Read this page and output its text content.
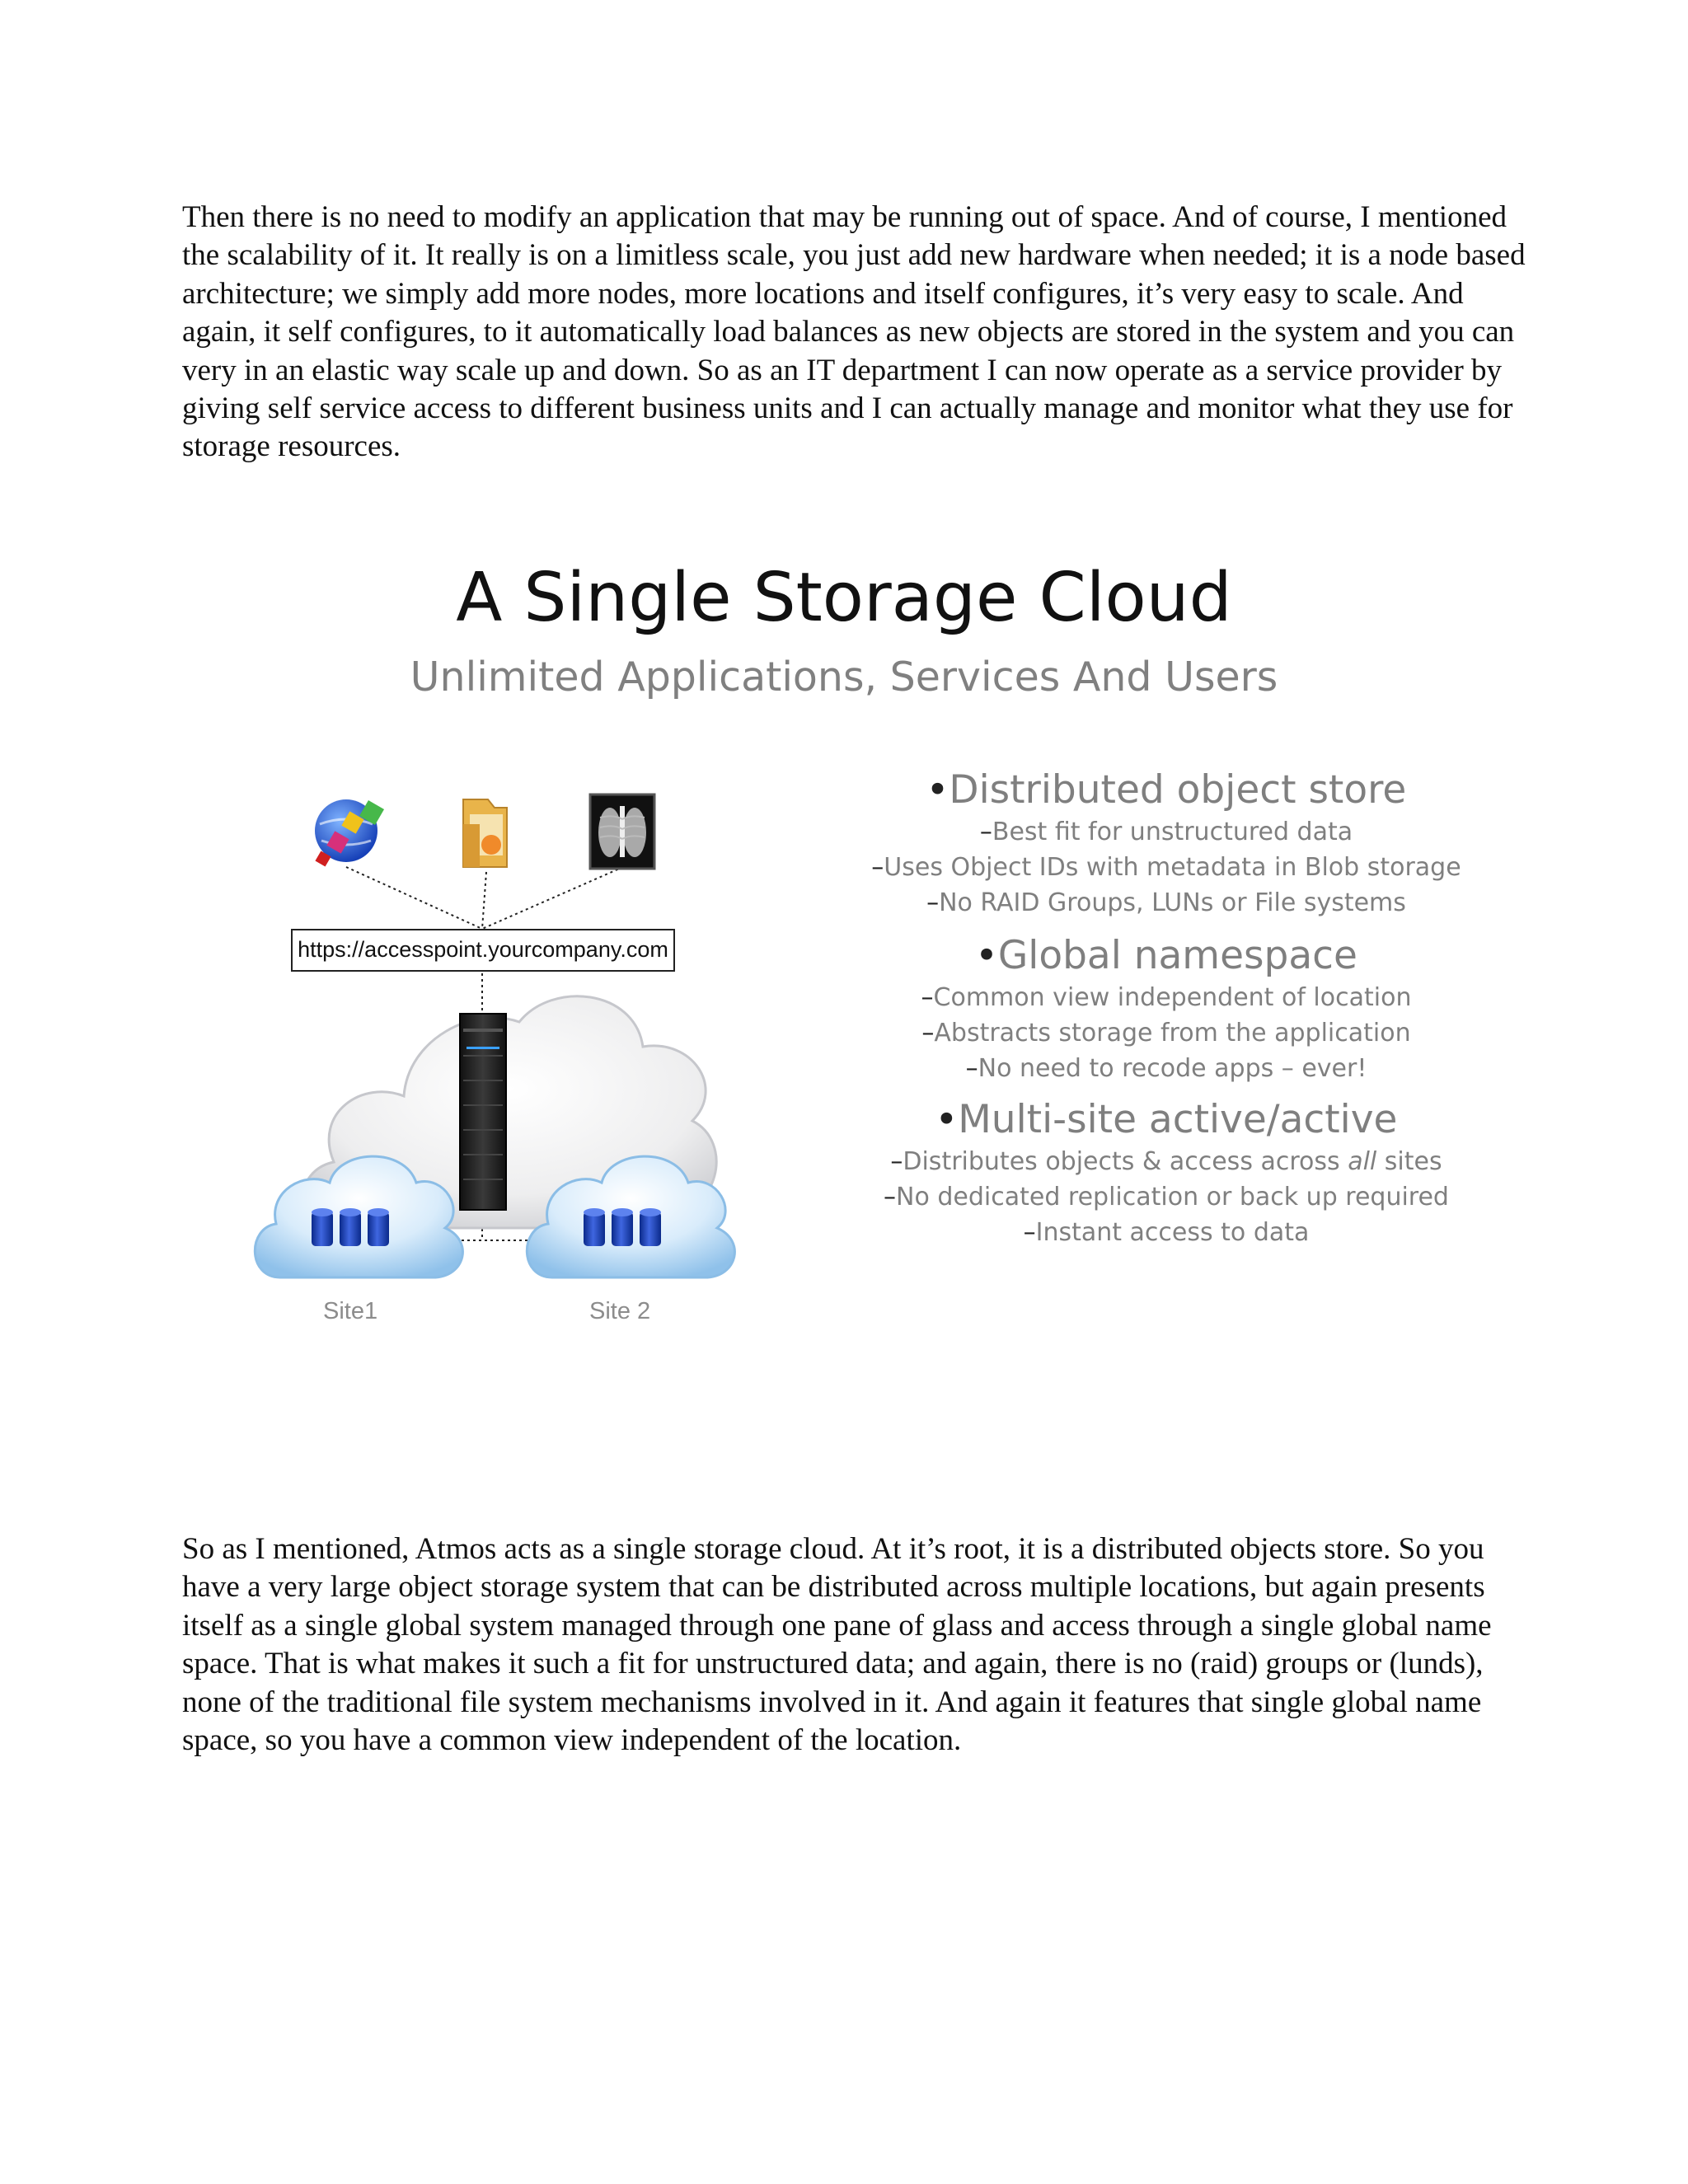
Then there is no need to modify an application that may be running out of space. And of course, I mentioned the scalability of it. It really is on a limitless scale, you just add new hardware when needed; it is a node based architecture; we simply add more nodes, more locations and itself configures, it’s very easy to scale. And again, it self configures, to it automatically load balances as new objects are stored in the system and you can very in an elastic way scale up and down. So as an IT department I can now operate as a service provider by giving self service access to different business units and I can actually manage and monitor what they use for storage resources.

A Single Storage Cloud
Unlimited Applications, Services And Users
https://accesspoint.yourcompany.com
Site1	Site 2

•Distributed object store

–Best fit for unstructured data

–Uses Object IDs with metadata in Blob storage

–No RAID Groups, LUNs or File systems

•Global namespace

–Common view independent of location

–Abstracts storage from the application

–No need to recode apps – ever!

•Multi-site active/active

–Distributes objects & access across all sites

–No dedicated replication or back up required

–Instant access to data

So as I mentioned, Atmos acts as a single storage cloud. At it’s root, it is a distributed objects store. So you have a very large object storage system that can be distributed across multiple locations, but again presents itself as a single global system managed through one pane of glass and access through a single global name space. That is what makes it such a fit for unstructured data; and again, there is no (raid) groups or (lunds), none of the traditional file system mechanisms involved in it. And again it features that single global name space, so you have a common view independent of the location.
